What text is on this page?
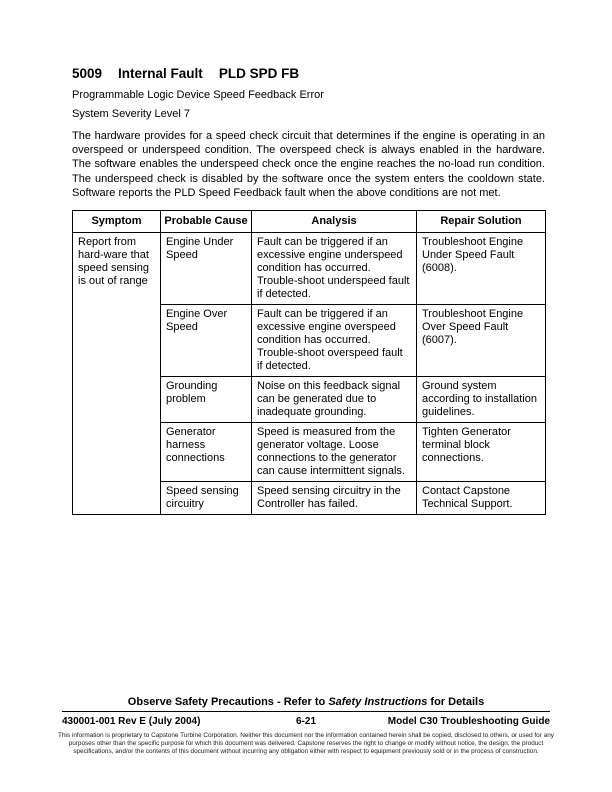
5009 Internal Fault PLD SPD FB
Programmable Logic Device Speed Feedback Error
System Severity Level 7

The hardware provides for a speed check circuit that determines if the engine is operating in an overspeed or underspeed condition. The overspeed check is always enabled in the hardware. The software enables the underspeed check once the engine reaches the no-load run condition. The underspeed check is disabled by the software once the system enters the cooldown state. Software reports the PLD Speed Feedback fault when the above conditions are not met.

Symptom	Probable Cause	Analysis	Repair Solution
Report from hard-ware that speed sensing is out of range	Engine Under Speed	Fault can be triggered if an excessive engine underspeed condition has occurred. Trouble-shoot underspeed fault if detected.	Troubleshoot Engine Under Speed Fault (6008).
	Engine Over Speed	Fault can be triggered if an excessive engine overspeed condition has occurred. Trouble-shoot overspeed fault if detected.	Troubleshoot Engine Over Speed Fault (6007).
	Grounding problem	Noise on this feedback signal can be generated due to inadequate grounding.	Ground system according to installation guidelines.
	Generator harness connections	Speed is measured from the generator voltage. Loose connections to the generator can cause intermittent signals.	Tighten Generator terminal block connections.
	Speed sensing circuitry	Speed sensing circuitry in the Controller has failed.	Contact Capstone Technical Support.
Observe Safety Precautions - Refer to Safety Instructions for Details
6-21
430001-001 Rev E (July 2004)	Model C30 Troubleshooting Guide
This information is proprietary to Capstone Turbine Corporation. Neither this document nor the information contained herein shall be copied, disclosed to others, or used for any purposes other than the specific purpose for which this document was delivered. Capstone reserves the right to change or modify without notice, the design, the product specifications, and/or the contents of this document without incurring any obligation either with respect to equipment previously sold or in the process of construction.
